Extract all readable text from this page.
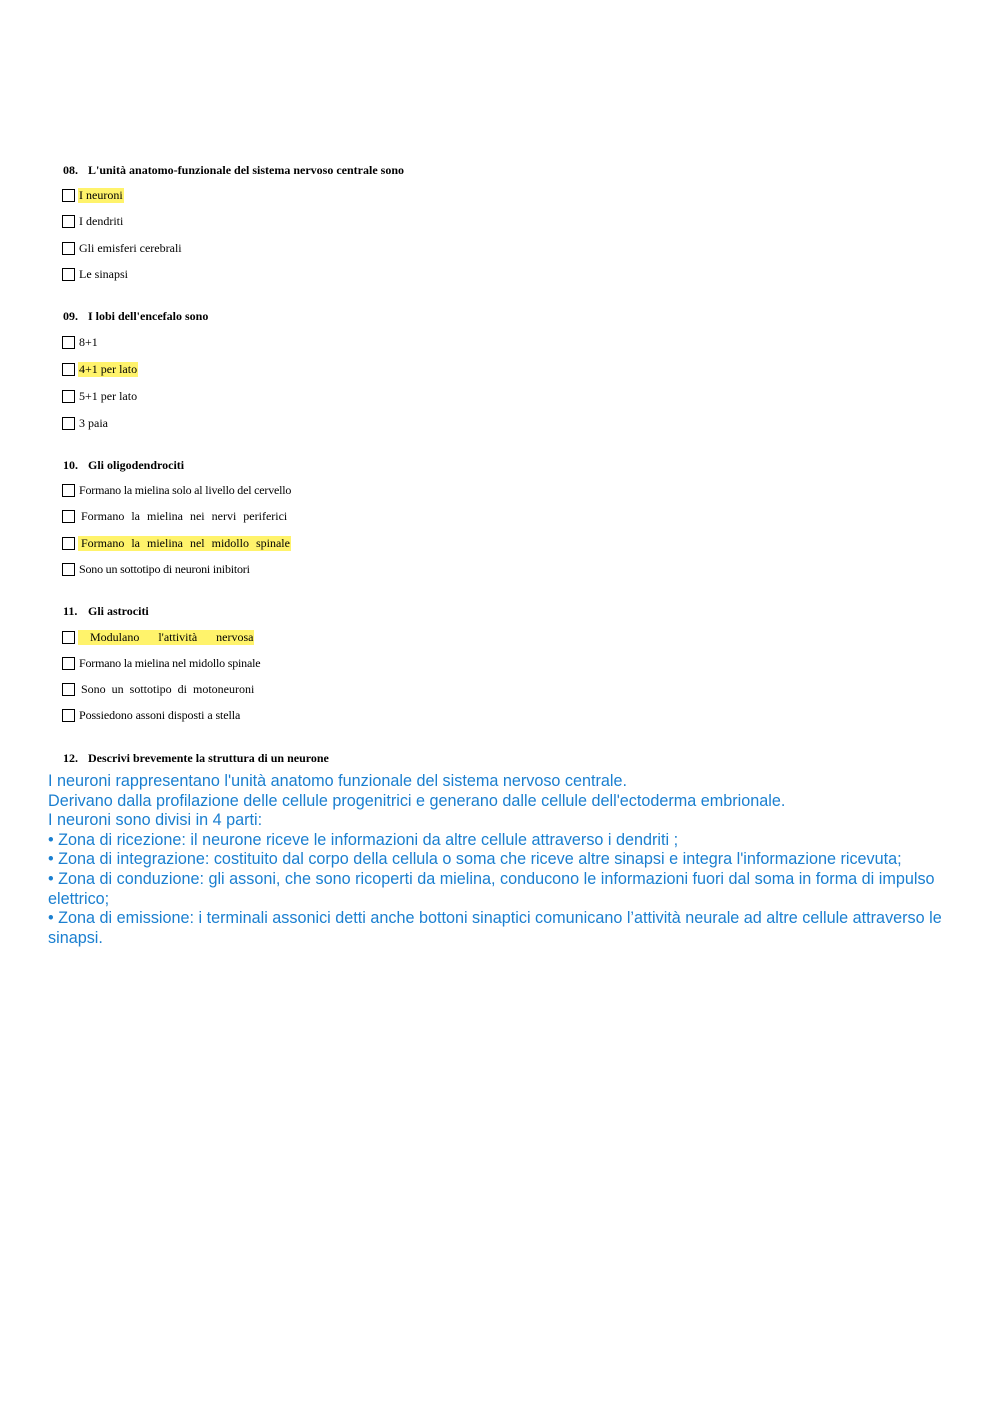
08. L'unità anatomo-funzionale del sistema nervoso centrale sono
I neuroni
I dendriti
Gli emisferi cerebrali
Le sinapsi
09. I lobi dell'encefalo sono
8+1
4+1 per lato
5+1 per lato
3 paia
10. Gli oligodendrociti
Formano la mielina solo al livello del cervello
Formano la mielina nei nervi periferici
Formano la mielina nel midollo spinale
Sono un sottotipo di neuroni inibitori
11. Gli astrociti
Modulano l'attività nervosa
Formano la mielina nel midollo spinale
Sono un sottotipo di motoneuroni
Possiedono assoni disposti a stella
12. Descrivi brevemente la struttura di un neurone

I neuroni rappresentano l'unità anatomo funzionale del sistema nervoso centrale.

Derivano dalla profilazione delle cellule progenitrici e generano dalle cellule dell'ectoderma embrionale.

I neuroni sono divisi in 4 parti:

• Zona di ricezione: il neurone riceve le informazioni da altre cellule attraverso i dendriti ;

• Zona di integrazione: costituito dal corpo della cellula o soma che riceve altre sinapsi e integra l'informazione ricevuta;

• Zona di conduzione: gli assoni, che sono ricoperti da mielina, conducono le informazioni fuori dal soma in forma di impulso elettrico;

• Zona di emissione: i terminali assonici detti anche bottoni sinaptici comunicano l’attività neurale ad altre cellule attraverso le sinapsi.
